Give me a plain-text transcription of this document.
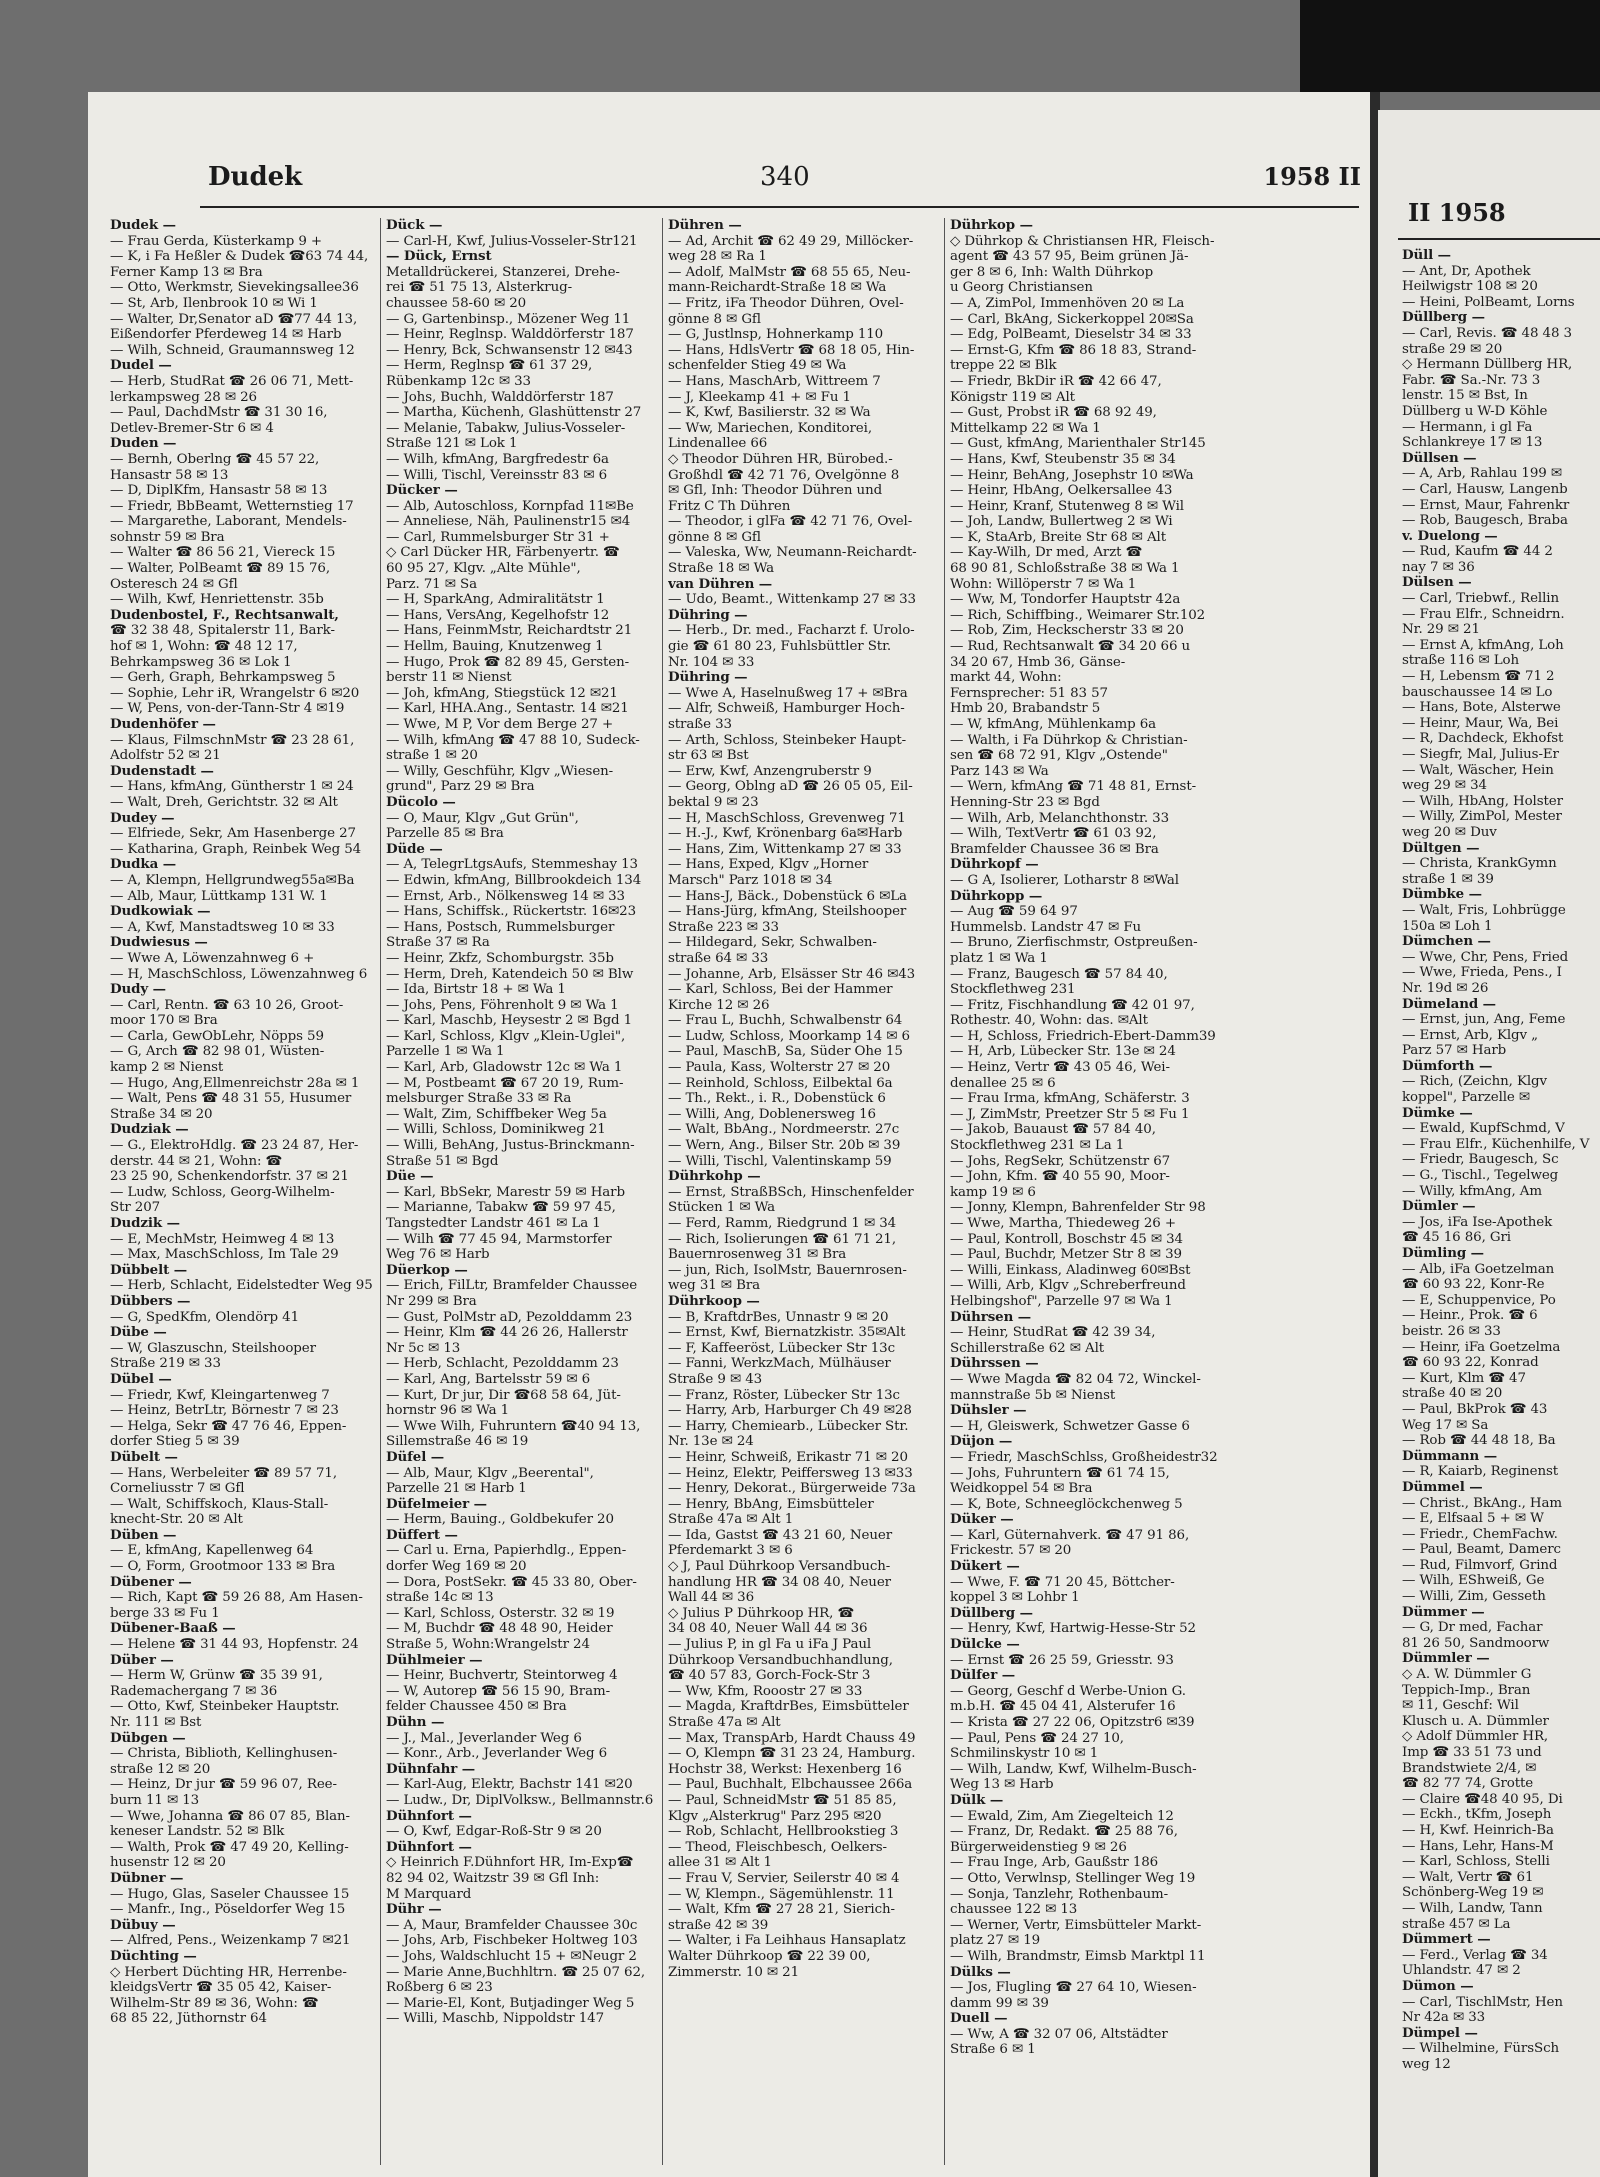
Dudek	340	1958 II
Dudek —
— Frau Gerda, Küsterkamp 9 +
— K, i Fa Heßler & Dudek ☎63 74 44,
Ferner Kamp 13 ✉ Bra
— Otto, Werkmstr, Sievekingsallee36
— St, Arb, Ilenbrook 10 ✉ Wi 1
— Walter, Dr,Senator aD ☎77 44 13,
Eißendorfer Pferdeweg 14 ✉ Harb
— Wilh, Schneid, Graumannsweg 12
Dudel —
— Herb, StudRat ☎ 26 06 71, Mett-
lerkampsweg 28 ✉ 26
— Paul, DachdMstr ☎ 31 30 16,
Detlev-Bremer-Str 6 ✉ 4
Duden —
— Bernh, Oberlng ☎ 45 57 22,
Hansastr 58 ✉ 13
— D, DiplKfm, Hansastr 58 ✉ 13
— Friedr, BbBeamt, Wetternstieg 17
— Margarethe, Laborant, Mendels-
sohnstr 59 ✉ Bra
— Walter ☎ 86 56 21, Viereck 15
— Walter, PolBeamt ☎ 89 15 76,
Osteresch 24 ✉ Gfl
— Wilh, Kwf, Henriettenstr. 35b
Dudenbostel, F., Rechtsanwalt,
☎ 32 38 48, Spitalerstr 11, Bark-
hof ✉ 1, Wohn: ☎ 48 12 17,
Behrkampsweg 36 ✉ Lok 1
— Gerh, Graph, Behrkampsweg 5
— Sophie, Lehr iR, Wrangelstr 6 ✉20
— W, Pens, von-der-Tann-Str 4 ✉19
Dudenhöfer —
— Klaus, FilmschnMstr ☎ 23 28 61,
Adolfstr 52 ✉ 21
Dudenstadt —
— Hans, kfmAng, Güntherstr 1 ✉ 24
— Walt, Dreh, Gerichtstr. 32 ✉ Alt
Dudey —
— Elfriede, Sekr, Am Hasenberge 27
— Katharina, Graph, Reinbek Weg 54
Dudka —
— A, Klempn, Hellgrundweg55a✉Ba
— Alb, Maur, Lüttkamp 131 W. 1
Dudkowiak —
— A, Kwf, Manstadtsweg 10 ✉ 33
Dudwiesus —
— Wwe A, Löwenzahnweg 6 +
— H, MaschSchloss, Löwenzahnweg 6
Dudy —
— Carl, Rentn. ☎ 63 10 26, Groot-
moor 170 ✉ Bra
— Carla, GewObLehr, Nöpps 59
— G, Arch ☎ 82 98 01, Wüsten-
kamp 2 ✉ Nienst
— Hugo, Ang,Ellmenreichstr 28a ✉ 1
— Walt, Pens ☎ 48 31 55, Husumer
Straße 34 ✉ 20
Dudziak —
— G., ElektroHdlg. ☎ 23 24 87, Her-
derstr. 44 ✉ 21, Wohn: ☎
23 25 90, Schenkendorfstr. 37 ✉ 21
— Ludw, Schloss, Georg-Wilhelm-
Str 207
Dudzik —
— E, MechMstr, Heimweg 4 ✉ 13
— Max, MaschSchloss, Im Tale 29
Dübbelt —
— Herb, Schlacht, Eidelstedter Weg 95
Dübbers —
— G, SpedKfm, Olendörp 41
Dübe —
— W, Glaszuschn, Steilshooper
Straße 219 ✉ 33
Dübel —
— Friedr, Kwf, Kleingartenweg 7
— Heinz, BetrLtr, Börnestr 7 ✉ 23
— Helga, Sekr ☎ 47 76 46, Eppen-
dorfer Stieg 5 ✉ 39
Dübelt —
— Hans, Werbeleiter ☎ 89 57 71,
Corneliusstr 7 ✉ Gfl
— Walt, Schiffskoch, Klaus-Stall-
knecht-Str. 20 ✉ Alt
Düben —
— E, kfmAng, Kapellenweg 64
— O, Form, Grootmoor 133 ✉ Bra
Dübener —
— Rich, Kapt ☎ 59 26 88, Am Hasen-
berge 33 ✉ Fu 1
Dübener-Baaß —
— Helene ☎ 31 44 93, Hopfenstr. 24
Düber —
— Herm W, Grünw ☎ 35 39 91,
Rademachergang 7 ✉ 36
— Otto, Kwf, Steinbeker Hauptstr.
Nr. 111 ✉ Bst
Dübgen —
— Christa, Biblioth, Kellinghusen-
straße 12 ✉ 20
— Heinz, Dr jur ☎ 59 96 07, Ree-
burn 11 ✉ 13
— Wwe, Johanna ☎ 86 07 85, Blan-
keneser Landstr. 52 ✉ Blk
— Walth, Prok ☎ 47 49 20, Kelling-
husenstr 12 ✉ 20
Dübner —
— Hugo, Glas, Saseler Chaussee 15
— Manfr., Ing., Pöseldorfer Weg 15
Dübuy —
— Alfred, Pens., Weizenkamp 7 ✉21
Düchting —
◇ Herbert Düchting HR, Herrenbe-
kleidgsVertr ☎ 35 05 42, Kaiser-
Wilhelm-Str 89 ✉ 36, Wohn: ☎
68 85 22, Jüthornstr 64
Dück —
— Carl-H, Kwf, Julius-Vosseler-Str121
— Dück, Ernst
Metalldrückerei, Stanzerei, Drehe-
rei ☎ 51 75 13, Alsterkrug-
chaussee 58-60 ✉ 20
— G, Gartenbinsp., Mözener Weg 11
— Heinr, Reglnsp. Walddörferstr 187
— Henry, Bck, Schwansenstr 12 ✉43
— Herm, Reglnsp ☎ 61 37 29,
Rübenkamp 12c ✉ 33
— Johs, Buchh, Walddörferstr 187
— Martha, Küchenh, Glashüttenstr 27
— Melanie, Tabakw, Julius-Vosseler-
Straße 121 ✉ Lok 1
— Wilh, kfmAng, Bargfredestr 6a
— Willi, Tischl, Vereinsstr 83 ✉ 6
Dücker —
— Alb, Autoschloss, Kornpfad 11✉Be
— Anneliese, Näh, Paulinenstr15 ✉4
— Carl, Rummelsburger Str 31 +
◇ Carl Dücker HR, Färbenyertr. ☎
60 95 27, Klgv. „Alte Mühle",
Parz. 71 ✉ Sa
— H, SparkAng, Admiralitätstr 1
— Hans, VersAng, Kegelhofstr 12
— Hans, FeinmMstr, Reichardtstr 21
— Hellm, Bauing, Knutzenweg 1
— Hugo, Prok ☎ 82 89 45, Gersten-
berstr 11 ✉ Nienst
— Joh, kfmAng, Stiegstück 12 ✉21
— Karl, HHA.Ang., Sentastr. 14 ✉21
— Wwe, M P, Vor dem Berge 27 +
— Wilh, kfmAng ☎ 47 88 10, Sudeck-
straße 1 ✉ 20
— Willy, Geschführ, Klgv „Wiesen-
grund", Parz 29 ✉ Bra
Dücolo —
— O, Maur, Klgv „Gut Grün",
Parzelle 85 ✉ Bra
Düde —
— A, TelegrLtgsAufs, Stemmeshay 13
— Edwin, kfmAng, Billbrookdeich 134
— Ernst, Arb., Nölkensweg 14 ✉ 33
— Hans, Schiffsk., Rückertstr. 16✉23
— Hans, Postsch, Rummelsburger
Straße 37 ✉ Ra
— Heinr, Zkfz, Schomburgstr. 35b
— Herm, Dreh, Katendeich 50 ✉ Blw
— Ida, Birtstr 18 + ✉ Wa 1
— Johs, Pens, Föhrenholt 9 ✉ Wa 1
— Karl, Maschb, Heysestr 2 ✉ Bgd 1
— Karl, Schloss, Klgv „Klein-Uglei",
Parzelle 1 ✉ Wa 1
— Karl, Arb, Gladowstr 12c ✉ Wa 1
— M, Postbeamt ☎ 67 20 19, Rum-
melsburger Straße 33 ✉ Ra
— Walt, Zim, Schiffbeker Weg 5a
— Willi, Schloss, Dominikweg 21
— Willi, BehAng, Justus-Brinckmann-
Straße 51 ✉ Bgd
Düe —
— Karl, BbSekr, Marestr 59 ✉ Harb
— Marianne, Tabakw ☎ 59 97 45,
Tangstedter Landstr 461 ✉ La 1
— Wilh ☎ 77 45 94, Marmstorfer
Weg 76 ✉ Harb
Düerkop —
— Erich, FilLtr, Bramfelder Chaussee
Nr 299 ✉ Bra
— Gust, PolMstr aD, Pezolddamm 23
— Heinr, Klm ☎ 44 26 26, Hallerstr
Nr 5c ✉ 13
— Herb, Schlacht, Pezolddamm 23
— Karl, Ang, Bartelsstr 59 ✉ 6
— Kurt, Dr jur, Dir ☎68 58 64, Jüt-
hornstr 96 ✉ Wa 1
— Wwe Wilh, Fuhruntern ☎40 94 13,
Sillemstraße 46 ✉ 19
Düfel —
— Alb, Maur, Klgv „Beerental",
Parzelle 21 ✉ Harb 1
Düfelmeier —
— Herm, Bauing., Goldbekufer 20
Düffert —
— Carl u. Erna, Papierhdlg., Eppen-
dorfer Weg 169 ✉ 20
— Dora, PostSekr. ☎ 45 33 80, Ober-
straße 14c ✉ 13
— Karl, Schloss, Osterstr. 32 ✉ 19
— M, Buchdr ☎ 48 48 90, Heider
Straße 5, Wohn:Wrangelstr 24
Dühlmeier —
— Heinr, Buchvertr, Steintorweg 4
— W, Autorep ☎ 56 15 90, Bram-
felder Chaussee 450 ✉ Bra
Dühn —
— J., Mal., Jeverlander Weg 6
— Konr., Arb., Jeverlander Weg 6
Dühnfahr —
— Karl-Aug, Elektr, Bachstr 141 ✉20
— Ludw., Dr, DiplVolksw., Bellmannstr.6
Dühnfort —
— O, Kwf, Edgar-Roß-Str 9 ✉ 20
Dühnfort —
◇ Heinrich F.Dühnfort HR, Im-Exp☎
82 94 02, Waitzstr 39 ✉ Gfl Inh:
M Marquard
Dühr —
— A, Maur, Bramfelder Chaussee 30c
— Johs, Arb, Fischbeker Holtweg 103
— Johs, Waldschlucht 15 + ✉Neugr 2
— Marie Anne,Buchhltrn. ☎ 25 07 62,
Roßberg 6 ✉ 23
— Marie-El, Kont, Butjadinger Weg 5
— Willi, Maschb, Nippoldstr 147
Dühren —
— Ad, Archit ☎ 62 49 29, Millöcker-
weg 28 ✉ Ra 1
— Adolf, MalMstr ☎ 68 55 65, Neu-
mann-Reichardt-Straße 18 ✉ Wa
— Fritz, iFa Theodor Dühren, Ovel-
gönne 8 ✉ Gfl
— G, Justlnsp, Hohnerkamp 110
— Hans, HdlsVertr ☎ 68 18 05, Hin-
schenfelder Stieg 49 ✉ Wa
— Hans, MaschArb, Wittreem 7
— J, Kleekamp 41 + ✉ Fu 1
— K, Kwf, Basilierstr. 32 ✉ Wa
— Ww, Mariechen, Konditorei,
Lindenallee 66
◇ Theodor Dühren HR, Bürobed.-
Großhdl ☎ 42 71 76, Ovelgönne 8
✉ Gfl, Inh: Theodor Dühren und
Fritz C Th Dühren
— Theodor, i glFa ☎ 42 71 76, Ovel-
gönne 8 ✉ Gfl
— Valeska, Ww, Neumann-Reichardt-
Straße 18 ✉ Wa
van Dühren —
— Udo, Beamt., Wittenkamp 27 ✉ 33
Dühring —
— Herb., Dr. med., Facharzt f. Urolo-
gie ☎ 61 80 23, Fuhlsbüttler Str.
Nr. 104 ✉ 33
Dühring —
— Wwe A, Haselnußweg 17 + ✉Bra
— Alfr, Schweiß, Hamburger Hoch-
straße 33
— Arth, Schloss, Steinbeker Haupt-
str 63 ✉ Bst
— Erw, Kwf, Anzengruberstr 9
— Georg, Oblng aD ☎ 26 05 05, Eil-
bektal 9 ✉ 23
— H, MaschSchloss, Grevenweg 71
— H.-J., Kwf, Krönenbarg 6a✉Harb
— Hans, Zim, Wittenkamp 27 ✉ 33
— Hans, Exped, Klgv „Horner
Marsch" Parz 1018 ✉ 34
— Hans-J, Bäck., Dobenstück 6 ✉La
— Hans-Jürg, kfmAng, Steilshooper
Straße 223 ✉ 33
— Hildegard, Sekr, Schwalben-
straße 64 ✉ 33
— Johanne, Arb, Elsässer Str 46 ✉43
— Karl, Schloss, Bei der Hammer
Kirche 12 ✉ 26
— Frau L, Buchh, Schwalbenstr 64
— Ludw, Schloss, Moorkamp 14 ✉ 6
— Paul, MaschB, Sa, Süder Ohe 15
— Paula, Kass, Wolterstr 27 ✉ 20
— Reinhold, Schloss, Eilbektal 6a
— Th., Rekt., i. R., Dobenstück 6
— Willi, Ang, Doblenersweg 16
— Walt, BbAng., Nordmeerstr. 27c
— Wern, Ang., Bilser Str. 20b ✉ 39
— Willi, Tischl, Valentinskamp 59
Dührkohp —
— Ernst, StraßBSch, Hinschenfelder
Stücken 1 ✉ Wa
— Ferd, Ramm, Riedgrund 1 ✉ 34
— Rich, Isolierungen ☎ 61 71 21,
Bauernrosenweg 31 ✉ Bra
— jun, Rich, IsolMstr, Bauernrosen-
weg 31 ✉ Bra
Dührkoop —
— B, KraftdrBes, Unnastr 9 ✉ 20
— Ernst, Kwf, Biernatzkistr. 35✉Alt
— F, Kaffeeröst, Lübecker Str 13c
— Fanni, WerkzMach, Mülhäuser
Straße 9 ✉ 43
— Franz, Röster, Lübecker Str 13c
— Harry, Arb, Harburger Ch 49 ✉28
— Harry, Chemiearb., Lübecker Str.
Nr. 13e ✉ 24
— Heinr, Schweiß, Erikastr 71 ✉ 20
— Heinz, Elektr, Peiffersweg 13 ✉33
— Henry, Dekorat., Bürgerweide 73a
— Henry, BbAng, Eimsbütteler
Straße 47a ✉ Alt 1
— Ida, Gastst ☎ 43 21 60, Neuer
Pferdemarkt 3 ✉ 6
◇ J, Paul Dührkoop Versandbuch-
handlung HR ☎ 34 08 40, Neuer
Wall 44 ✉ 36
◇ Julius P Dührkoop HR, ☎
34 08 40, Neuer Wall 44 ✉ 36
— Julius P, in gl Fa u iFa J Paul
Dührkoop Versandbuchhandlung,
☎ 40 57 83, Gorch-Fock-Str 3
— Ww, Kfm, Rooostr 27 ✉ 33
— Magda, KraftdrBes, Eimsbütteler
Straße 47a ✉ Alt
— Max, TranspArb, Hardt Chauss 49
— O, Klempn ☎ 31 23 24, Hamburg.
Hochstr 38, Werkst: Hexenberg 16
— Paul, Buchhalt, Elbchaussee 266a
— Paul, SchneidMstr ☎ 51 85 85,
Klgv „Alsterkrug" Parz 295 ✉20
— Rob, Schlacht, Hellbrookstieg 3
— Theod, Fleischbesch, Oelkers-
allee 31 ✉ Alt 1
— Frau V, Servier, Seilerstr 40 ✉ 4
— W, Klempn., Sägemühlenstr. 11
— Walt, Kfm ☎ 27 28 21, Sierich-
straße 42 ✉ 39
— Walter, i Fa Leihhaus Hansaplatz
Walter Dührkoop ☎ 22 39 00,
Zimmerstr. 10 ✉ 21
Dührkop —
◇ Dührkop & Christiansen HR, Fleisch-
agent ☎ 43 57 95, Beim grünen Jä-
ger 8 ✉ 6, Inh: Walth Dührkop
u Georg Christiansen
— A, ZimPol, Immenhöven 20 ✉ La
— Carl, BkAng, Sickerkoppel 20✉Sa
— Edg, PolBeamt, Dieselstr 34 ✉ 33
— Ernst-G, Kfm ☎ 86 18 83, Strand-
treppe 22 ✉ Blk
— Friedr, BkDir iR ☎ 42 66 47,
Königstr 119 ✉ Alt
— Gust, Probst iR ☎ 68 92 49,
Mittelkamp 22 ✉ Wa 1
— Gust, kfmAng, Marienthaler Str145
— Hans, Kwf, Steubenstr 35 ✉ 34
— Heinr, BehAng, Josephstr 10 ✉Wa
— Heinr, HbAng, Oelkersallee 43
— Heinr, Kranf, Stutenweg 8 ✉ Wil
— Joh, Landw, Bullertweg 2 ✉ Wi
— K, StaArb, Breite Str 68 ✉ Alt
— Kay-Wilh, Dr med, Arzt ☎
68 90 81, Schloßstraße 38 ✉ Wa 1
Wohn: Willöperstr 7 ✉ Wa 1
— Ww, M, Tondorfer Hauptstr 42a
— Rich, Schiffbing., Weimarer Str.102
— Rob, Zim, Heckscherstr 33 ✉ 20
— Rud, Rechtsanwalt ☎ 34 20 66 u
34 20 67, Hmb 36, Gänse-
markt 44, Wohn:
Fernsprecher: 51 83 57
Hmb 20, Brabandstr 5
— W, kfmAng, Mühlenkamp 6a
— Walth, i Fa Dührkop & Christian-
sen ☎ 68 72 91, Klgv „Ostende"
Parz 143 ✉ Wa
— Wern, kfmAng ☎ 71 48 81, Ernst-
Henning-Str 23 ✉ Bgd
— Wilh, Arb, Melanchthonstr. 33
— Wilh, TextVertr ☎ 61 03 92,
Bramfelder Chaussee 36 ✉ Bra
Dührkopf —
— G A, Isolierer, Lotharstr 8 ✉Wal
Dührkopp —
— Aug ☎ 59 64 97
Hummelsb. Landstr 47 ✉ Fu
— Bruno, Zierfischmstr, Ostpreußen-
platz 1 ✉ Wa 1
— Franz, Baugesch ☎ 57 84 40,
Stockflethweg 231
— Fritz, Fischhandlung ☎ 42 01 97,
Rothestr. 40, Wohn: das. ✉Alt
— H, Schloss, Friedrich-Ebert-Damm39
— H, Arb, Lübecker Str. 13e ✉ 24
— Heinz, Vertr ☎ 43 05 46, Wei-
denallee 25 ✉ 6
— Frau Irma, kfmAng, Schäferstr. 3
— J, ZimMstr, Preetzer Str 5 ✉ Fu 1
— Jakob, Bauaust ☎ 57 84 40,
Stockflethweg 231 ✉ La 1
— Johs, RegSekr, Schützenstr 67
— John, Kfm. ☎ 40 55 90, Moor-
kamp 19 ✉ 6
— Jonny, Klempn, Bahrenfelder Str 98
— Wwe, Martha, Thiedeweg 26 +
— Paul, Kontroll, Boschstr 45 ✉ 34
— Paul, Buchdr, Metzer Str 8 ✉ 39
— Willi, Einkass, Aladinweg 60✉Bst
— Willi, Arb, Klgv „Schreberfreund
Helbingshof", Parzelle 97 ✉ Wa 1
Dührsen —
— Heinr, StudRat ☎ 42 39 34,
Schillerstraße 62 ✉ Alt
Dührssen —
— Wwe Magda ☎ 82 04 72, Winckel-
mannstraße 5b ✉ Nienst
Dühsler —
— H, Gleiswerk, Schwetzer Gasse 6
Düjon —
— Friedr, MaschSchlss, Großheidestr32
— Johs, Fuhruntern ☎ 61 74 15,
Weidkoppel 54 ✉ Bra
— K, Bote, Schneeglöckchenweg 5
Düker —
— Karl, Güternahverk. ☎ 47 91 86,
Frickestr. 57 ✉ 20
Dükert —
— Wwe, F. ☎ 71 20 45, Böttcher-
koppel 3 ✉ Lohbr 1
Düllberg —
— Henry, Kwf, Hartwig-Hesse-Str 52
Dülcke —
— Ernst ☎ 26 25 59, Griesstr. 93
Dülfer —
— Georg, Geschf d Werbe-Union G.
m.b.H. ☎ 45 04 41, Alsterufer 16
— Krista ☎ 27 22 06, Opitzstr6 ✉39
— Paul, Pens ☎ 24 27 10,
Schmilinskystr 10 ✉ 1
— Wilh, Landw, Kwf, Wilhelm-Busch-
Weg 13 ✉ Harb
Dülk —
— Ewald, Zim, Am Ziegelteich 12
— Franz, Dr, Redakt. ☎ 25 88 76,
Bürgerweidenstieg 9 ✉ 26
— Frau Inge, Arb, Gaußstr 186
— Otto, Verwlnsp, Stellinger Weg 19
— Sonja, Tanzlehr, Rothenbaum-
chaussee 122 ✉ 13
— Werner, Vertr, Eimsbütteler Markt-
platz 27 ✉ 19
— Wilh, Brandmstr, Eimsb Marktpl 11
Dülks —
— Jos, Flugling ☎ 27 64 10, Wiesen-
damm 99 ✉ 39
Duell —
— Ww, A ☎ 32 07 06, Altstädter
Straße 6 ✉ 1
II 1958
Düll —
— Ant, Dr, Apothek
Heilwigstr 108 ✉ 20
— Heini, PolBeamt, Lorns
Düllberg —
— Carl, Revis. ☎ 48 48 3
straße 29 ✉ 20
◇ Hermann Düllberg HR,
Fabr. ☎ Sa.-Nr. 73 3
lenstr. 15 ✉ Bst, In
Düllberg u W-D Köhle
— Hermann, i gl Fa
Schlankreye 17 ✉ 13
Düllsen —
— A, Arb, Rahlau 199 ✉
— Carl, Hausw, Langenb
— Ernst, Maur, Fahrenkr
— Rob, Baugesch, Braba
v. Duelong —
— Rud, Kaufm ☎ 44 2
nay 7 ✉ 36
Dülsen —
— Carl, Triebwf., Rellin
— Frau Elfr., Schneidrn.
Nr. 29 ✉ 21
— Ernst A, kfmAng, Loh
straße 116 ✉ Loh
— H, Lebensm ☎ 71 2
bauschaussee 14 ✉ Lo
— Hans, Bote, Alsterwe
— Heinr, Maur, Wa, Bei
— R, Dachdeck, Ekhofst
— Siegfr, Mal, Julius-Er
— Walt, Wäscher, Hein
weg 29 ✉ 34
— Wilh, HbAng, Holster
— Willy, ZimPol, Mester
weg 20 ✉ Duv
Dültgen —
— Christa, KrankGymn
straße 1 ✉ 39
Dümbke —
— Walt, Fris, Lohbrügge
150a ✉ Loh 1
Dümchen —
— Wwe, Chr, Pens, Fried
— Wwe, Frieda, Pens., I
Nr. 19d ✉ 26
Dümeland —
— Ernst, jun, Ang, Feme
— Ernst, Arb, Klgv „
Parz 57 ✉ Harb
Dümforth —
— Rich, (Zeichn, Klgv
koppel", Parzelle ✉
Dümke —
— Ewald, KupfSchmd, V
— Frau Elfr., Küchenhilfe, V
— Friedr, Baugesch, Sc
— G., Tischl., Tegelweg
— Willy, kfmAng, Am
Dümler —
— Jos, iFa Ise-Apothek
☎ 45 16 86, Gri
Dümling —
— Alb, iFa Goetzelman
☎ 60 93 22, Konr-Re
— E, Schuppenvice, Po
— Heinr., Prok. ☎ 6
beistr. 26 ✉ 33
— Heinr, iFa Goetzelma
☎ 60 93 22, Konrad
— Kurt, Klm ☎ 47
straße 40 ✉ 20
— Paul, BkProk ☎ 43
Weg 17 ✉ Sa
— Rob ☎ 44 48 18, Ba
Dümmann —
— R, Kaiarb, Reginenst
Dümmel —
— Christ., BkAng., Ham
— E, Elfsaal 5 + ✉ W
— Friedr., ChemFachw.
— Paul, Beamt, Damerc
— Rud, Filmvorf, Grind
— Wilh, EShweiß, Ge
— Willi, Zim, Gesseth
Dümmer —
— G, Dr med, Fachar
81 26 50, Sandmoorw
Dümmler —
◇ A. W. Dümmler G
Teppich-Imp., Bran
✉ 11, Geschf: Wil
Klusch u. A. Dümmler
◇ Adolf Dümmler HR,
Imp ☎ 33 51 73 und
Brandstwiete 2/4, ✉
☎ 82 77 74, Grotte
— Claire ☎48 40 95, Di
— Eckh., tKfm, Joseph
— H, Kwf. Heinrich-Ba
— Hans, Lehr, Hans-M
— Karl, Schloss, Stelli
— Walt, Vertr ☎ 61
Schönberg-Weg 19 ✉
— Wilh, Landw, Tann
straße 457 ✉ La
Dümmert —
— Ferd., Verlag ☎ 34
Uhlandstr. 47 ✉ 2
Dümon —
— Carl, TischlMstr, Hen
Nr 42a ✉ 33
Dümpel —
— Wilhelmine, FürsSch
weg 12
